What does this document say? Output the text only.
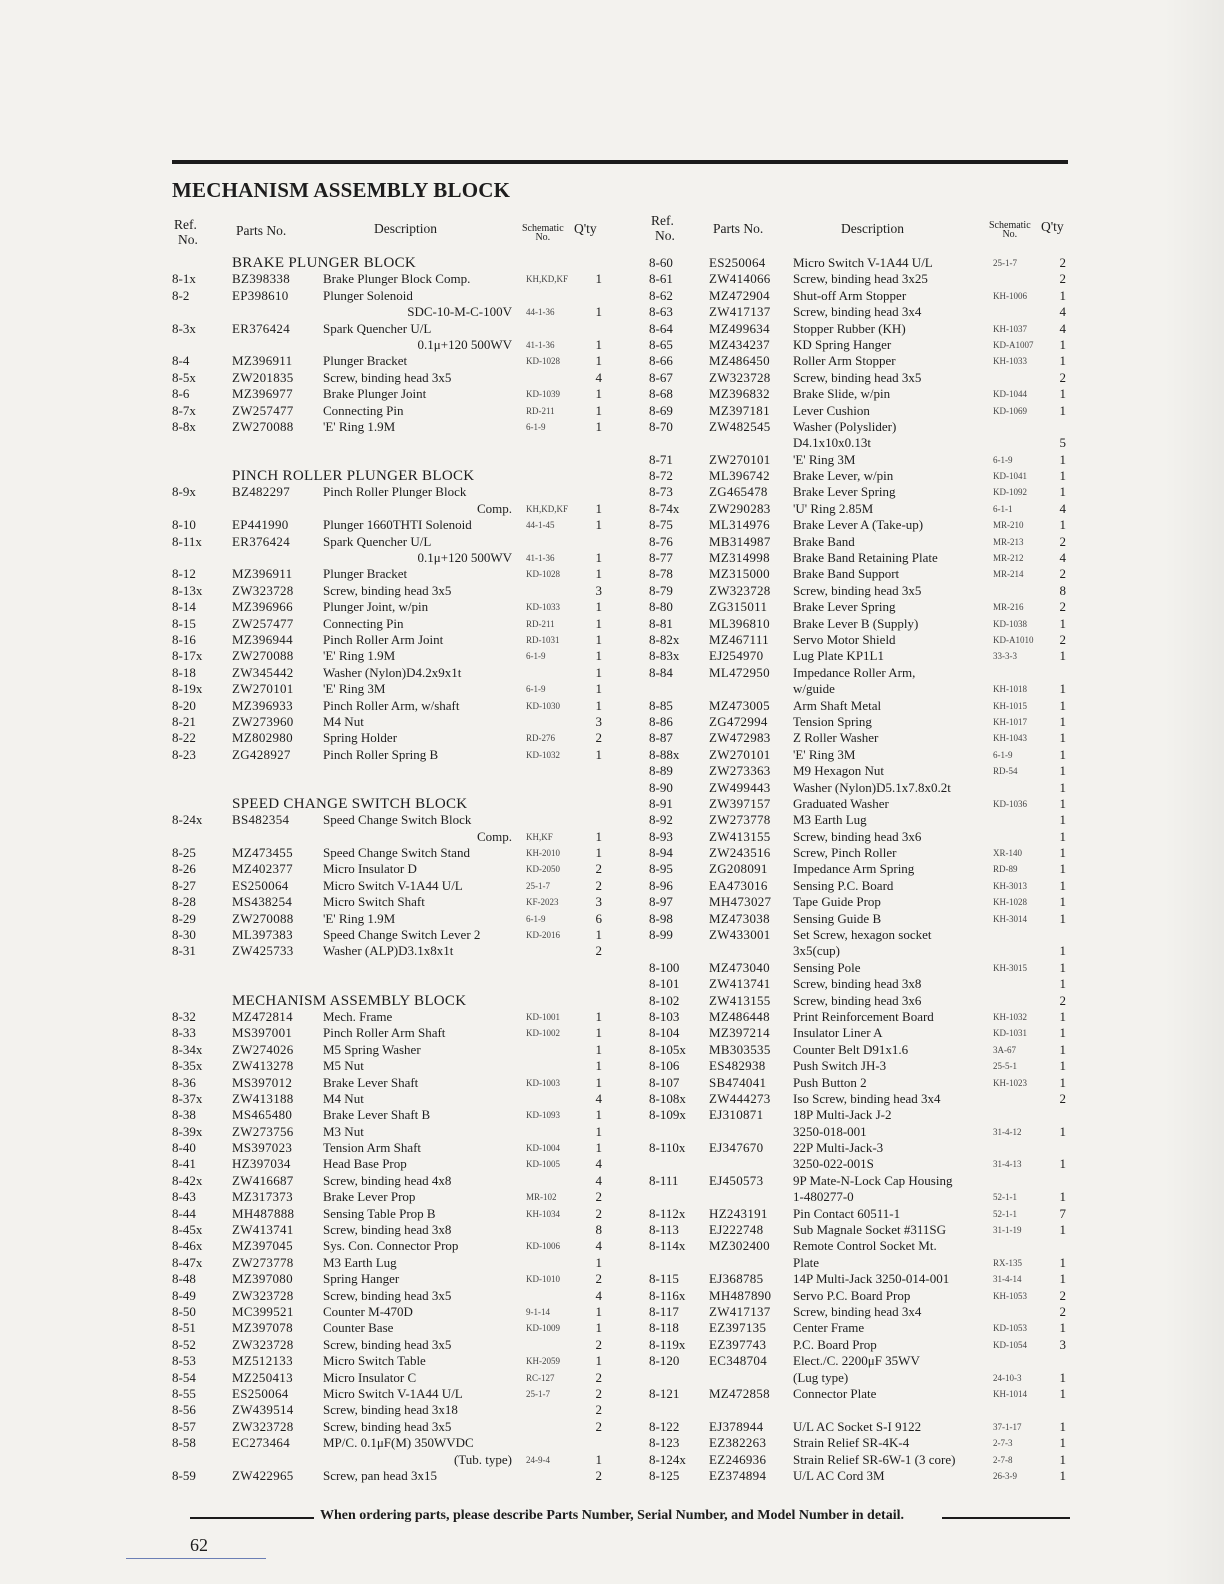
MECHANISM ASSEMBLY BLOCK
Ref.
No.
Parts No.	Description	Schematic
No.
Q'ty
BRAKE PLUNGER BLOCK
8-1x	BZ398338	Brake Plunger Block Comp.	KH,KD,KF	1
8-2	EP398610	Plunger Solenoid
SDC-10-M-C-100V 44-1-36	1
8-3x	ER376424	Spark Quencher U/L
0.1μ+120 500WV 41-1-36	1
8-4	MZ396911 Plunger Bracket	KD-1028	1
8-5x	ZW201835 Screw, binding head 3x5	4
8-6	MZ396977 Brake Plunger Joint	KD-1039	1
8-7x	ZW257477 Connecting Pin	RD-211	1
8-8x	ZW270088 'E' Ring 1.9M	6-1-9	1
PINCH ROLLER PLUNGER BLOCK
8-9x	BZ482297	Pinch Roller Plunger Block
Comp. KH,KD,KF	1
8-10	EP441990	Plunger 1660THTI Solenoid	44-1-45	1
8-11x ER376424	Spark Quencher U/L
0.1μ+120 500WV 41-1-36	1
8-12	MZ396911 Plunger Bracket	KD-1028	1
8-13x ZW323728 Screw, binding head 3x5	3
8-14	MZ396966 Plunger Joint, w/pin	KD-1033	1
8-15	ZW257477 Connecting Pin	RD-211	1
8-16	MZ396944 Pinch Roller Arm Joint	RD-1031	1
8-17x ZW270088 'E' Ring 1.9M	6-1-9	1
8-18	ZW345442 Washer (Nylon)D4.2x9x1t	1
8-19x ZW270101 'E' Ring 3M	6-1-9	1
8-20	MZ396933 Pinch Roller Arm, w/shaft	KD-1030	1
8-21	ZW273960 M4 Nut	3
8-22	MZ802980 Spring Holder	RD-276	2
8-23	ZG428927 Pinch Roller Spring B	KD-1032	1
SPEED CHANGE SWITCH BLOCK
8-24x BS482354	Speed Change Switch Block
Comp. KH,KF	1
8-25	MZ473455 Speed Change Switch Stand	KH-2010	1
8-26	MZ402377 Micro Insulator D	KD-2050	2
8-27	ES250064	Micro Switch V-1A44 U/L	25-1-7	2
8-28	MS438254 Micro Switch Shaft	KF-2023	3
8-29	ZW270088 'E' Ring 1.9M	6-1-9	6
8-30	ML397383 Speed Change Switch Lever 2	KD-2016	1
8-31	ZW425733 Washer (ALP)D3.1x8x1t	2
MECHANISM ASSEMBLY BLOCK
8-32	MZ472814 Mech. Frame	KD-1001	1
8-33	MS397001 Pinch Roller Arm Shaft	KD-1002	1
8-34x ZW274026 M5 Spring Washer	1
8-35x ZW413278 M5 Nut	1
8-36	MS397012 Brake Lever Shaft	KD-1003	1
8-37x ZW413188 M4 Nut	4
8-38	MS465480 Brake Lever Shaft B	KD-1093	1
8-39x ZW273756 M3 Nut	1
8-40	MS397023 Tension Arm Shaft	KD-1004	1
8-41	HZ397034 Head Base Prop	KD-1005	4
8-42x ZW416687 Screw, binding head 4x8	4
8-43	MZ317373 Brake Lever Prop	MR-102	2
8-44	MH487888 Sensing Table Prop B	KH-1034	2
8-45x ZW413741 Screw, binding head 3x8	8
8-46x MZ397045 Sys. Con. Connector Prop	KD-1006	4
8-47x ZW273778 M3 Earth Lug	1
8-48	MZ397080 Spring Hanger	KD-1010	2
8-49	ZW323728 Screw, binding head 3x5	4
8-50	MC399521 Counter M-470D	9-1-14	1
8-51	MZ397078 Counter Base	KD-1009	1
8-52	ZW323728 Screw, binding head 3x5	2
8-53	MZ512133 Micro Switch Table	KH-2059	1
8-54	MZ250413 Micro Insulator C	RC-127	2
8-55	ES250064	Micro Switch V-1A44 U/L	25-1-7	2
8-56	ZW439514 Screw, binding head 3x18	2
8-57	ZW323728 Screw, binding head 3x5	2
8-58	EC273464	MP/C. 0.1μF(M) 350WVDC
(Tub. type) 24-9-4	1
8-59	ZW422965 Screw, pan head 3x15	2
Ref.
No.	Parts No.	Description	Schematic
No.
Q'ty
8-60	ES250064 Micro Switch V-1A44 U/L	25-1-7	2
8-61	ZW414066 Screw, binding head 3x25	2
8-62	MZ472904 Shut-off Arm Stopper	KH-1006	1
8-63	ZW417137 Screw, binding head 3x4	4
8-64	MZ499634 Stopper Rubber (KH)	KH-1037	4
8-65	MZ434237 KD Spring Hanger	KD-A1007	1
8-66	MZ486450 Roller Arm Stopper	KH-1033	1
8-67	ZW323728 Screw, binding head 3x5	2
8-68	MZ396832 Brake Slide, w/pin	KD-1044	1
8-69	MZ397181 Lever Cushion	KD-1069	1
8-70	ZW482545 Washer (Polyslider)
D4.1x10x0.13t	5
8-71	ZW270101 'E' Ring 3M	6-1-9	1
8-72	ML396742 Brake Lever, w/pin	KD-1041	1
8-73	ZG465478 Brake Lever Spring	KD-1092	1
8-74x ZW290283 'U' Ring 2.85M	6-1-1	4
8-75	ML314976 Brake Lever A (Take-up)	MR-210	1
8-76	MB314987 Brake Band	MR-213	2
8-77	MZ314998 Brake Band Retaining Plate	MR-212	4
8-78	MZ315000 Brake Band Support	MR-214	2
8-79	ZW323728 Screw, binding head 3x5	8
8-80	ZG315011 Brake Lever Spring	MR-216	2
8-81	ML396810 Brake Lever B (Supply)	KD-1038	1
8-82x MZ467111 Servo Motor Shield	KD-A1010	2
8-83x EJ254970 Lug Plate KP1L1	33-3-3	1
8-84	ML472950 Impedance Roller Arm,
w/guide	KH-1018	1
8-85	MZ473005 Arm Shaft Metal	KH-1015	1
8-86	ZG472994 Tension Spring	KH-1017	1
8-87	ZW472983 Z Roller Washer	KH-1043	1
8-88x ZW270101 'E' Ring 3M	6-1-9	1
8-89	ZW273363 M9 Hexagon Nut	RD-54	1
8-90	ZW499443 Washer (Nylon)D5.1x7.8x0.2t	1
8-91	ZW397157 Graduated Washer	KD-1036	1
8-92	ZW273778 M3 Earth Lug	1
8-93	ZW413155 Screw, binding head 3x6	1
8-94	ZW243516 Screw, Pinch Roller	XR-140	1
8-95	ZG208091 Impedance Arm Spring	RD-89	1
8-96	EA473016 Sensing P.C. Board	KH-3013	1
8-97	MH473027 Tape Guide Prop	KH-1028	1
8-98	MZ473038 Sensing Guide B	KH-3014	1
8-99	ZW433001 Set Screw, hexagon socket
3x5(cup)	1
8-100 MZ473040 Sensing Pole	KH-3015	1
8-101 ZW413741 Screw, binding head 3x8	1
8-102 ZW413155 Screw, binding head 3x6	2
8-103 MZ486448 Print Reinforcement Board	KH-1032	1
8-104 MZ397214 Insulator Liner A	KD-1031	1
8-105x MB303535 Counter Belt D91x1.6	3A-67	1
8-106 ES482938 Push Switch JH-3	25-5-1	1
8-107 SB474041 Push Button 2	KH-1023	1
8-108x ZW444273 Iso Screw, binding head 3x4	2
8-109x EJ310871 18P Multi-Jack J-2
3250-018-001	31-4-12	1
8-110x EJ347670 22P Multi-Jack-3
3250-022-001S	31-4-13	1
8-111 EJ450573 9P Mate-N-Lock Cap Housing
1-480277-0	52-1-1	1
8-112x HZ243191 Pin Contact 60511-1	52-1-1	7
8-113 EJ222748 Sub Magnale Socket #311SG	31-1-19	1
8-114x MZ302400 Remote Control Socket Mt.
Plate	RX-135	1
8-115 EJ368785 14P Multi-Jack 3250-014-001	31-4-14	1
8-116x MH487890 Servo P.C. Board Prop	KH-1053	2
8-117 ZW417137 Screw, binding head 3x4	2
8-118 EZ397135 Center Frame	KD-1053	1
8-119x EZ397743 P.C. Board Prop	KD-1054	3
8-120 EC348704 Elect./C. 2200μF 35WV
(Lug type)	24-10-3	1
8-121 MZ472858 Connector Plate	KH-1014	1
8-122 EJ378944 U/L AC Socket S-I 9122	37-1-17	1
8-123 EZ382263 Strain Relief SR-4K-4	2-7-3	1
8-124x EZ246936 Strain Relief SR-6W-1 (3 core)	2-7-8	1
8-125 EZ374894 U/L AC Cord 3M	26-3-9	1
When ordering parts, please describe Parts Number, Serial Number, and Model Number in detail.
62
